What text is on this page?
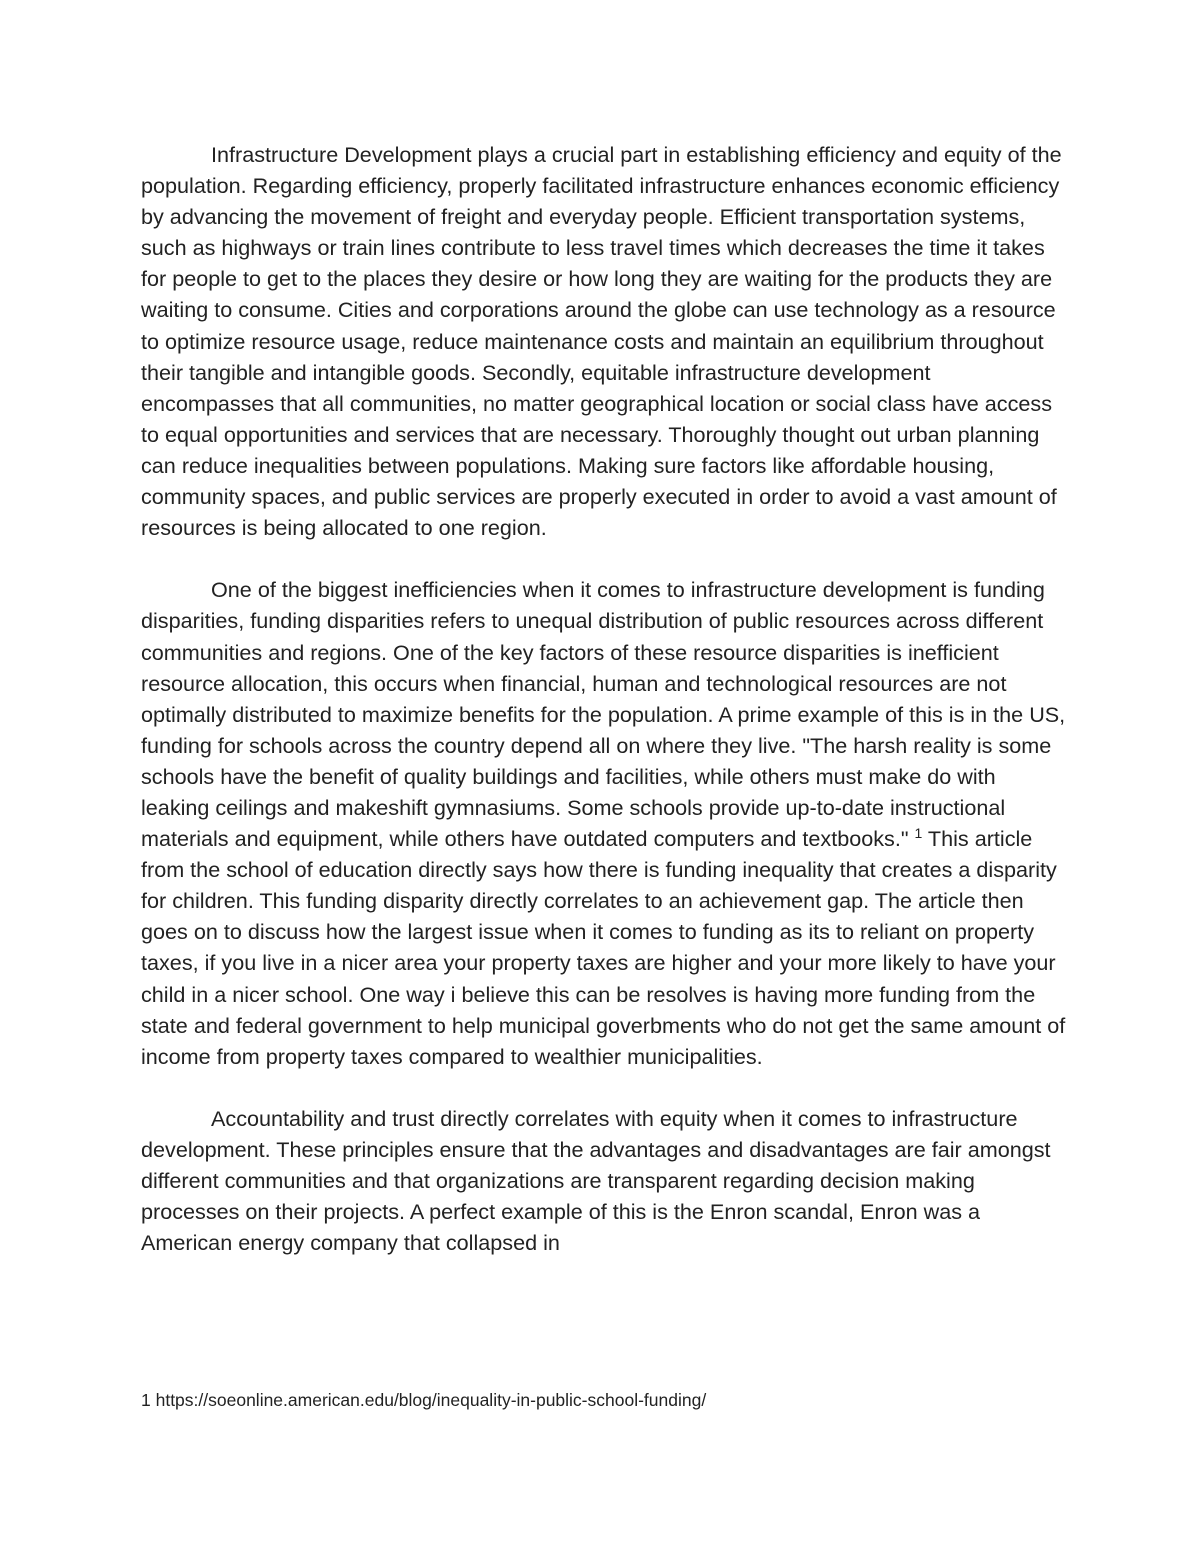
Infrastructure Development plays a crucial part in establishing efficiency and equity of the population. Regarding efficiency, properly facilitated infrastructure enhances economic efficiency by advancing the movement of freight and everyday people. Efficient transportation systems, such as highways or train lines contribute to less travel times which decreases the time it takes for people to get to the places they desire or how long they are waiting for the products they are waiting to consume. Cities and corporations around the globe can use technology as a resource to optimize resource usage, reduce maintenance costs and maintain an equilibrium throughout their tangible and intangible goods. Secondly, equitable infrastructure development encompasses that all communities, no matter geographical location or social class have access to equal opportunities and services that are necessary. Thoroughly thought out urban planning can reduce inequalities between populations. Making sure factors like affordable housing, community spaces, and public services are properly executed in order to avoid a vast amount of resources is being allocated to one region.

One of the biggest inefficiencies when it comes to infrastructure development is funding disparities, funding disparities refers to unequal distribution of public resources across different communities and regions. One of the key factors of these resource disparities is inefficient resource allocation, this occurs when financial, human and technological resources are not optimally distributed to maximize benefits for the population. A prime example of this is in the US, funding for schools across the country depend all on where they live. "The harsh reality is some schools have the benefit of quality buildings and facilities, while others must make do with leaking ceilings and makeshift gymnasiums. Some schools provide up-to-date instructional materials and equipment, while others have outdated computers and textbooks." $^1$ This article from the school of education directly says how there is funding inequality that creates a disparity for children. This funding disparity directly correlates to an achievement gap. The article then goes on to discuss how the largest issue when it comes to funding as its to reliant on property taxes, if you live in a nicer area your property taxes are higher and your more likely to have your child in a nicer school. One way i believe this can be resolves is having more funding from the state and federal government to help municipal goverbments who do not get the same amount of income from property taxes compared to wealthier municipalities.

Accountability and trust directly correlates with equity when it comes to infrastructure development. These principles ensure that the advantages and disadvantages are fair amongst different communities and that organizations are transparent regarding decision making processes on their projects. A perfect example of this is the Enron scandal, Enron was a American energy company that collapsed in

1 https://soeonline.american.edu/blog/inequality-in-public-school-funding/
